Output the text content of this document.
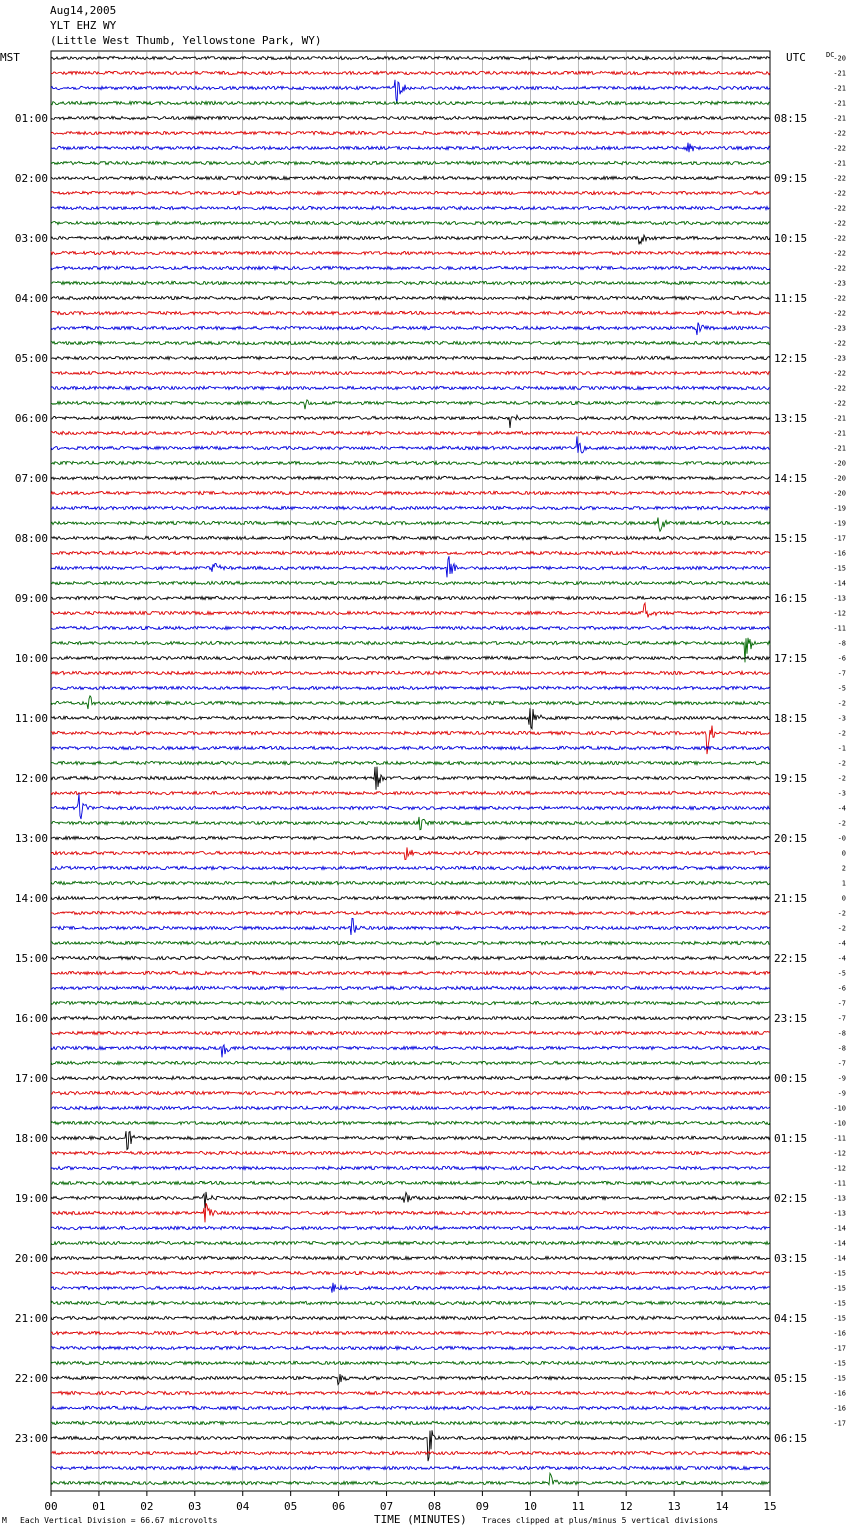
Aug14,2005
YLT EHZ WY
(Little West Thumb, Yellowstone Park, WY)
01:00
02:00
03:00
04:00
05:00
06:00
07:00
08:00
09:00
10:00
11:00
12:00
13:00
14:00
15:00
16:00
17:00
18:00
19:00
20:00
21:00
22:00
23:00
08:15
09:15
10:15
11:15
12:15
13:15
14:15
15:15
16:15
17:15
18:15
19:15
20:15
21:15
22:15
23:15
00:15
01:15
02:15
03:15
04:15
05:15
06:15
-20
-21
-21
-21
-21
-22
-22
-21
-22
-22
-22
-22
-22
-22
-22
-23
-22
-22
-23
-22
-23
-22
-22
-22
-21
-21
-21
-20
-20
-20
-19
-19
-17
-16
-15
-14
-13
-12
-11
-8
-6
-7
-5
-2
-3
-2
-1
-2
-2
-3
-4
-2
-0
0
2
1
0
-2
-2
-4
-4
-5
-6
-7
-7
-8
-8
-7
-9
-9
-10
-10
-11
-12
-12
-11
-13
-13
-14
-14
-14
-15
-15
-15
-15
-16
-17
-15
-15
-16
-16
-17
00	01	02	03	04	05	06	07	08	09	10	11	12	13	14	15
MST	UTC	DC
TIME (MINUTES)
Each Vertical Division = 66.67 microvolts	Traces clipped at plus/minus 5 vertical divisions
M
